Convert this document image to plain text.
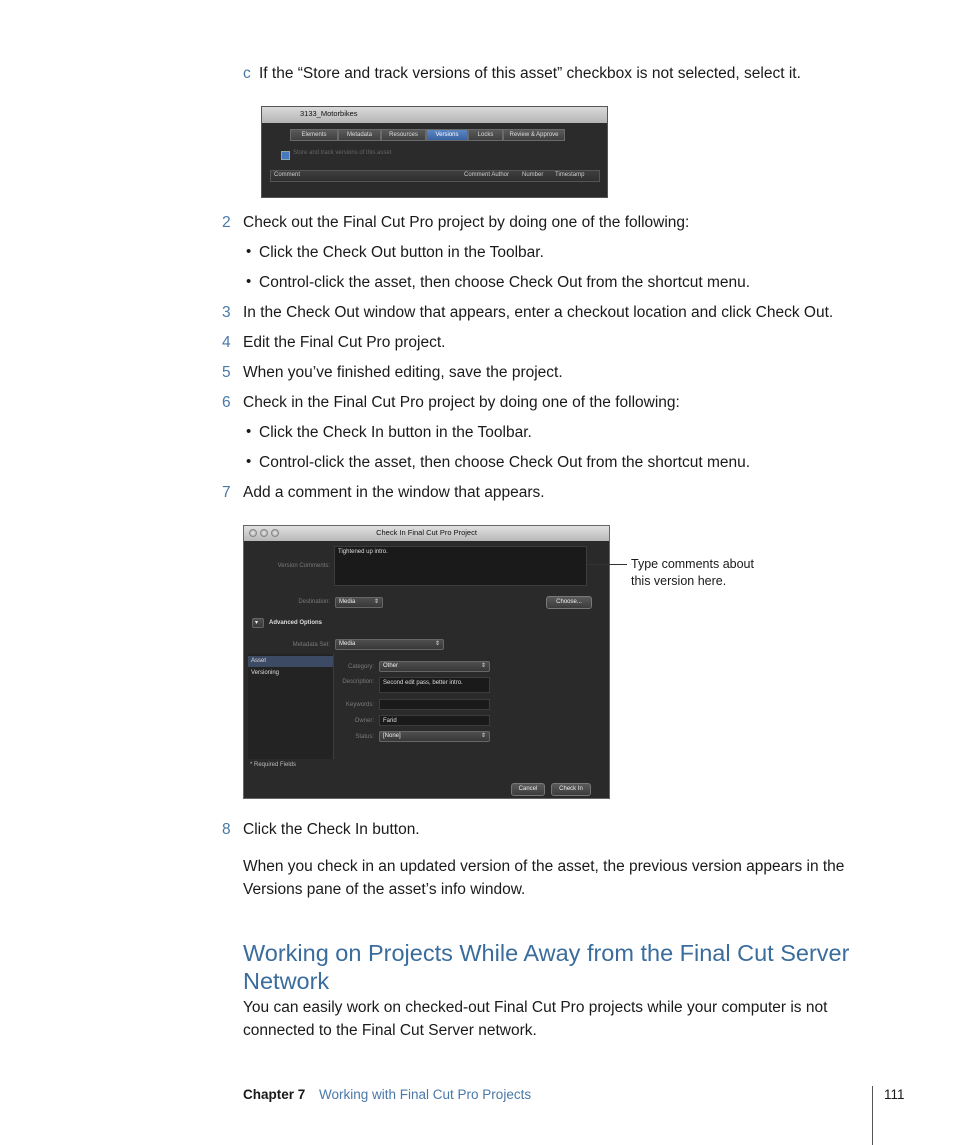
c If the “Store and track versions of this asset” checkbox is not selected, select it.
3133_Motorbikes
Elements	Metadata	Resources	Versions	Locks	Review & Approve
Store and track versions of this asset
Comment	Comment Author Number Timestamp
2 Check out the Final Cut Pro project by doing one of the following:
• Click the Check Out button in the Toolbar.
• Control-click the asset, then choose Check Out from the shortcut menu.
3 In the Check Out window that appears, enter a checkout location and click Check Out.
4 Edit the Final Cut Pro project.
5 When you’ve finished editing, save the project.
6 Check in the Final Cut Pro project by doing one of the following:
• Click the Check In button in the Toolbar.
• Control-click the asset, then choose Check Out from the shortcut menu.
7 Add a comment in the window that appears.
Check In Final Cut Pro Project
Version Comments:
Tightened up intro.
Destination:	Media	⇕	Choose...
▾	Advanced Options
Metadata Set:	Media	⇕
Asset
Versioning
Category:	Other	⇕
Description:	Second edit pass, better intro.
Keywords:
Owner:	Farid
Status:	[None]	⇕
* Required Fields
Cancel	Check In
Type comments about
this version here.
8 Click the Check In button.
When you check in an updated version of the asset, the previous version appears in the
Versions pane of the asset’s info window.
Working on Projects While Away from the Final Cut Server
Network
You can easily work on checked-out Final Cut Pro projects while your computer is not
connected to the Final Cut Server network.
Chapter 7 Working with Final Cut Pro Projects	111
